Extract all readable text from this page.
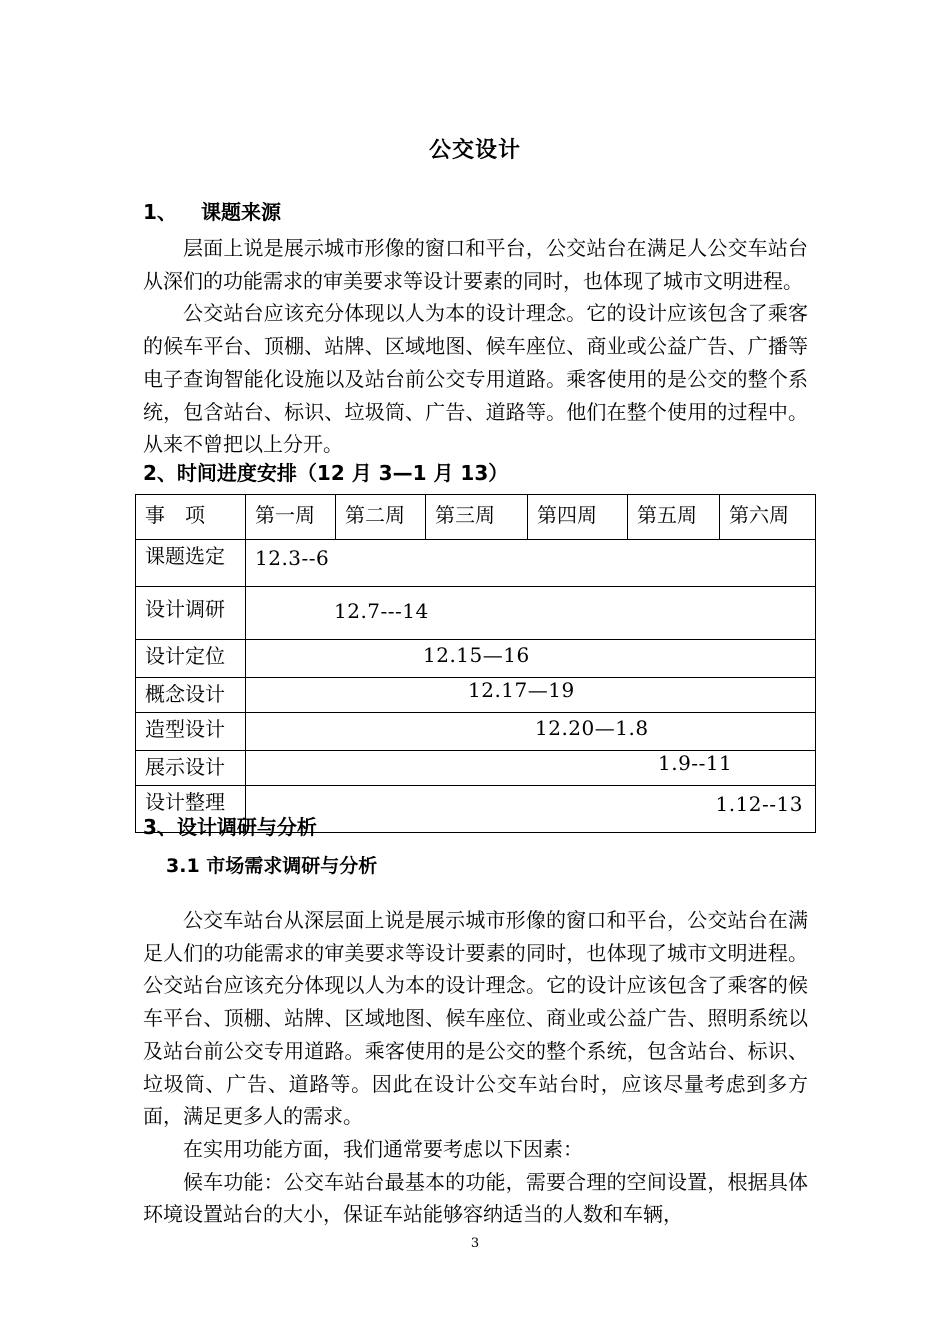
公交设计
1、 课题来源

层面上说是展示城市形像的窗口和平台，公交站台在满足人公交车站台从深们的功能需求的审美要求等设计要素的同时，也体现了城市文明进程。

公交站台应该充分体现以人为本的设计理念。它的设计应该包含了乘客的候车平台、顶棚、站牌、区域地图、候车座位、商业或公益广告、广播等电子查询智能化设施以及站台前公交专用道路。乘客使用的是公交的整个系统，包含站台、标识、垃圾筒、广告、道路等。他们在整个使用的过程中。从来不曾把以上分开。

2、时间进度安排（12 月 3—1 月 13）
事　项	第一周	第二周	第三周	第四周	第五周	第六周
课题选定	12.3--6					
设计调研	12.7---14					
设计定位	12.15—16					
概念设计	12.17—19					
造型设计	12.20—1.8					
展示设计	1.9--11					
设计整理	1.12--13					
3、设计调研与分析
3.1 市场需求调研与分析

公交车站台从深层面上说是展示城市形像的窗口和平台，公交站台在满足人们的功能需求的审美要求等设计要素的同时，也体现了城市文明进程。公交站台应该充分体现以人为本的设计理念。它的设计应该包含了乘客的候车平台、顶棚、站牌、区域地图、候车座位、商业或公益广告、照明系统以及站台前公交专用道路。乘客使用的是公交的整个系统，包含站台、标识、垃圾筒、广告、道路等。因此在设计公交车站台时，应该尽量考虑到多方面，满足更多人的需求。

在实用功能方面，我们通常要考虑以下因素：

候车功能：公交车站台最基本的功能，需要合理的空间设置，根据具体环境设置站台的大小，保证车站能够容纳适当的人数和车辆，

3
